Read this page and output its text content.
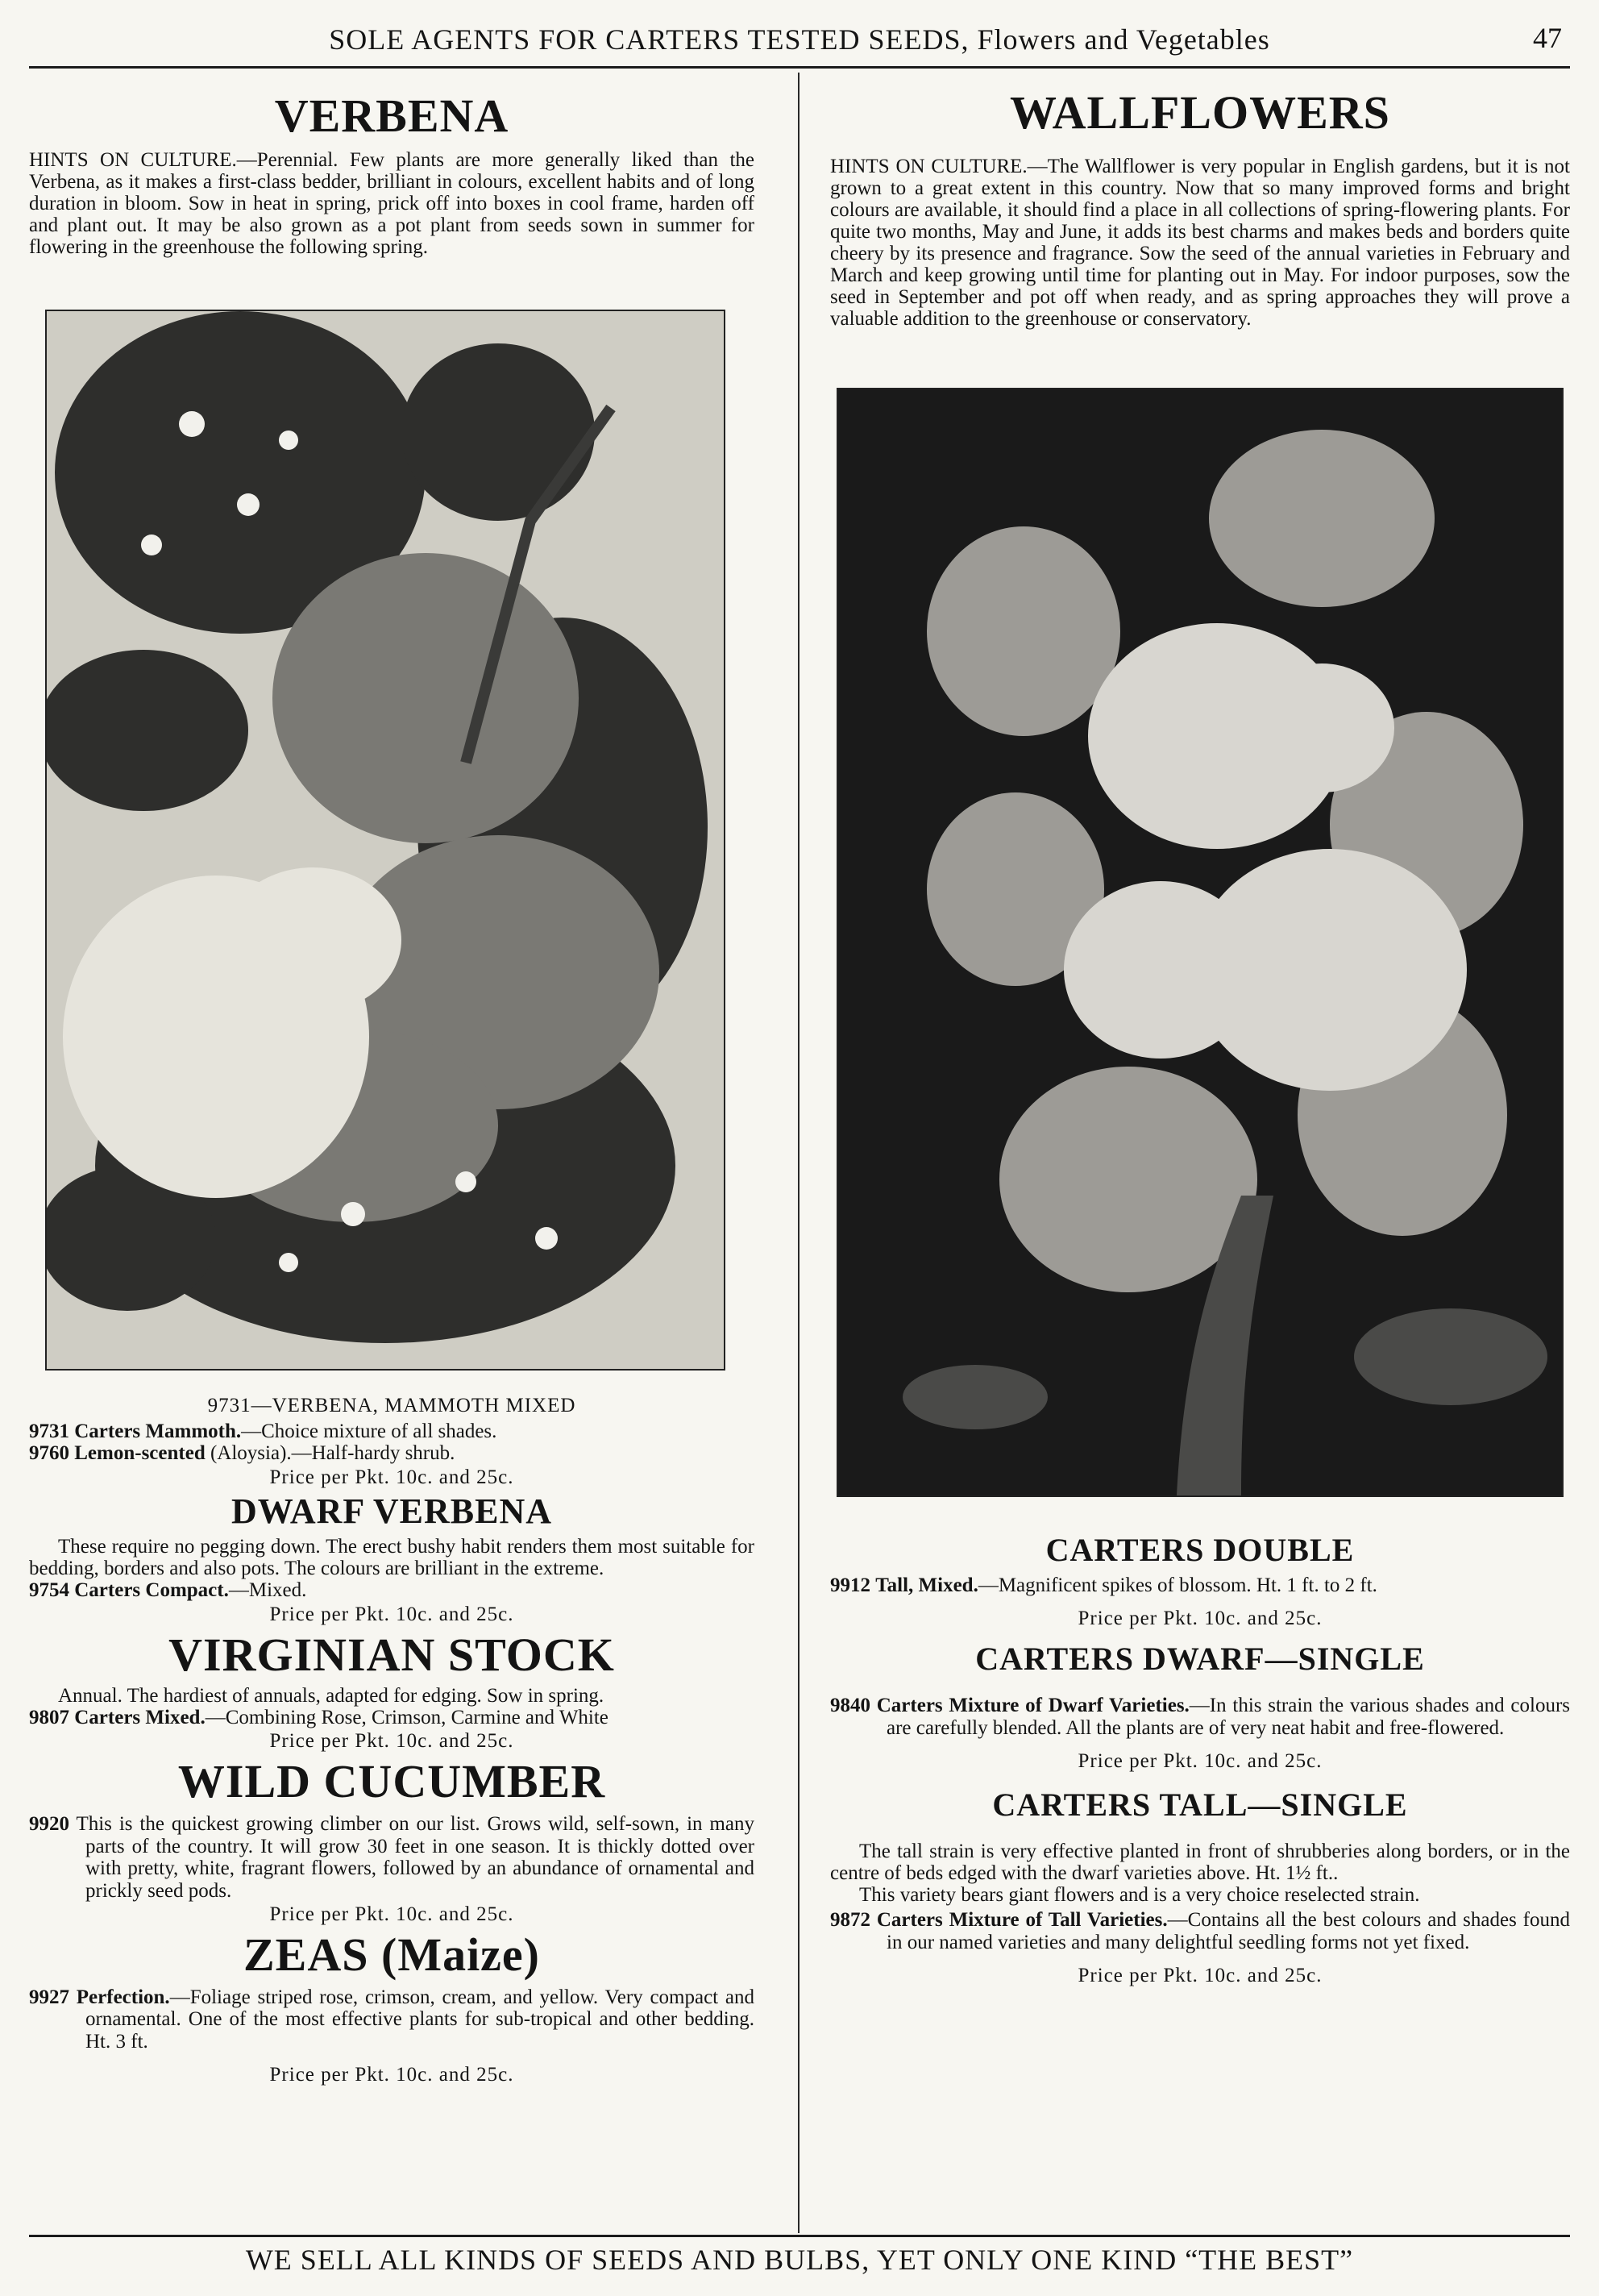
SOLE AGENTS FOR CARTERS TESTED SEEDS, Flowers and Vegetables	47
VERBENA

HINTS ON CULTURE.—Perennial. Few plants are more generally liked than the Verbena, as it makes a first-class bedder, brilliant in colours, excellent habits and of long duration in bloom. Sow in heat in spring, prick off into boxes in cool frame, harden off and plant out. It may be also grown as a pot plant from seeds sown in summer for flowering in the greenhouse the following spring.

9731—VERBENA, MAMMOTH MIXED

9731 Carters Mammoth.—Choice mixture of all shades.

9760 Lemon-scented (Aloysia).—Half-hardy shrub.

Price per Pkt. 10c. and 25c.
DWARF VERBENA

These require no pegging down. The erect bushy habit renders them most suitable for bedding, borders and also pots. The colours are brilliant in the extreme.

9754 Carters Compact.—Mixed.

Price per Pkt. 10c. and 25c.
VIRGINIAN STOCK

Annual. The hardiest of annuals, adapted for edging. Sow in spring.

9807 Carters Mixed.—Combining Rose, Crimson, Carmine and White

Price per Pkt. 10c. and 25c.
WILD CUCUMBER

9920 This is the quickest growing climber on our list. Grows wild, self-sown, in many parts of the country. It will grow 30 feet in one season. It is thickly dotted over with pretty, white, fragrant flowers, followed by an abundance of ornamental and prickly seed pods.

Price per Pkt. 10c. and 25c.
ZEAS (Maize)

9927 Perfection.—Foliage striped rose, crimson, cream, and yellow. Very compact and ornamental. One of the most effective plants for sub-tropical and other bedding. Ht. 3 ft.

Price per Pkt. 10c. and 25c.
WALLFLOWERS

HINTS ON CULTURE.—The Wallflower is very popular in English gardens, but it is not grown to a great extent in this country. Now that so many improved forms and bright colours are available, it should find a place in all collections of spring-flowering plants. For quite two months, May and June, it adds its best charms and makes beds and borders quite cheery by its presence and fragrance. Sow the seed of the annual varieties in February and March and keep growing until time for planting out in May. For indoor purposes, sow the seed in September and pot off when ready, and as spring approaches they will prove a valuable addition to the greenhouse or conservatory.

CARTERS DOUBLE

9912 Tall, Mixed.—Magnificent spikes of blossom. Ht. 1 ft. to 2 ft.

Price per Pkt. 10c. and 25c.
CARTERS DWARF—SINGLE

9840 Carters Mixture of Dwarf Varieties.—In this strain the various shades and colours are carefully blended. All the plants are of very neat habit and free-flowered.

Price per Pkt. 10c. and 25c.
CARTERS TALL—SINGLE

The tall strain is very effective planted in front of shrubberies along borders, or in the centre of beds edged with the dwarf varieties above. Ht. 1½ ft..

This variety bears giant flowers and is a very choice reselected strain.

9872 Carters Mixture of Tall Varieties.—Contains all the best colours and shades found in our named varieties and many delightful seedling forms not yet fixed.

Price per Pkt. 10c. and 25c.
WE SELL ALL KINDS OF SEEDS AND BULBS, YET ONLY ONE KIND “THE BEST”
